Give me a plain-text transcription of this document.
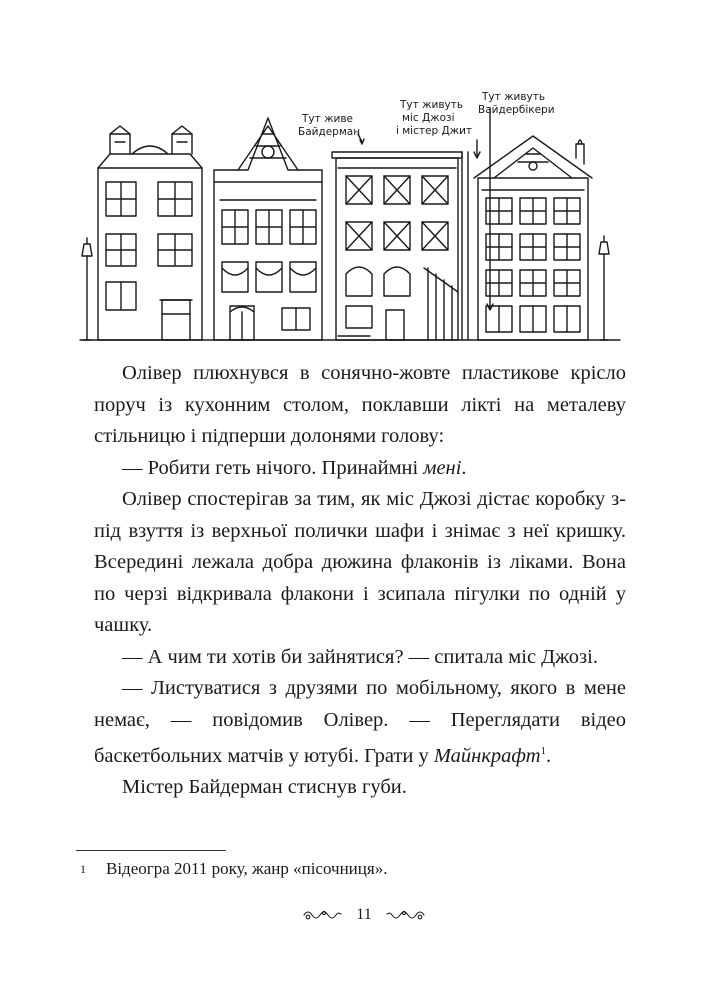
Тут живе
Байдерман
Тут живуть
міс Джозі
і містер Джит
Тут живуть
Вайдербікери

Олівер плюхнувся в сонячно-жовте пластикове крісло поруч із кухонним столом, поклавши лікті на металеву стільницю і підперши долонями голову:

— Робити геть нічого. Принаймні мені.

Олівер спостерігав за тим, як міс Джозі дістає коробку з-під взуття із верхньої полички шафи і знімає з неї кришку. Всередині лежала добра дюжина флаконів із ліками. Вона по черзі відкривала флакони і зсипала пігулки по одній у чашку.

— А чим ти хотів би зайнятися? — спитала міс Джозі.

— Листуватися з друзями по мобільному, якого в мене немає, — повідомив Олівер. — Переглядати відео баскетбольних матчів у ютубі. Грати у Майнкрафт$^1$.

Містер Байдерман стиснув губи.

1 Відеогра 2011 року, жанр «пісочниця».
11
